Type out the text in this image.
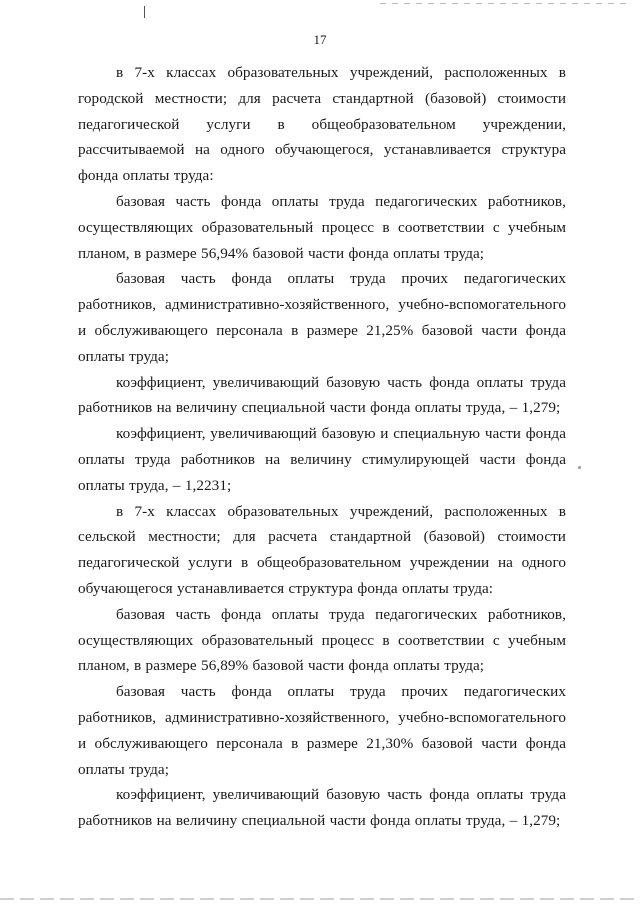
17

в 7-х классах образовательных учреждений, расположенных в городской местности; для расчета стандартной (базовой) стоимости педагогической услуги в общеобразовательном учреждении, рассчитываемой на одного обучающегося, устанавливается структура фонда оплаты труда:

базовая часть фонда оплаты труда педагогических работников, осуществляющих образовательный процесс в соответствии с учебным планом, в размере 56,94% базовой части фонда оплаты труда;

базовая часть фонда оплаты труда прочих педагогических работников, административно-хозяйственного, учебно-вспомогательного и обслуживающего персонала в размере 21,25% базовой части фонда оплаты труда;

коэффициент, увеличивающий базовую часть фонда оплаты труда работников на величину специальной части фонда оплаты труда, – 1,279;

коэффициент, увеличивающий базовую и специальную части фонда оплаты труда работников на величину стимулирующей части фонда оплаты труда, – 1,2231;

в 7-х классах образовательных учреждений, расположенных в сельской местности; для расчета стандартной (базовой) стоимости педагогической услуги в общеобразовательном учреждении на одного обучающегося устанавливается структура фонда оплаты труда:

базовая часть фонда оплаты труда педагогических работников, осуществляющих образовательный процесс в соответствии с учебным планом, в размере 56,89% базовой части фонда оплаты труда;

базовая часть фонда оплаты труда прочих педагогических работников, административно-хозяйственного, учебно-вспомогательного и обслуживающего персонала в размере 21,30% базовой части фонда оплаты труда;

коэффициент, увеличивающий базовую часть фонда оплаты труда работников на величину специальной части фонда оплаты труда, – 1,279;
